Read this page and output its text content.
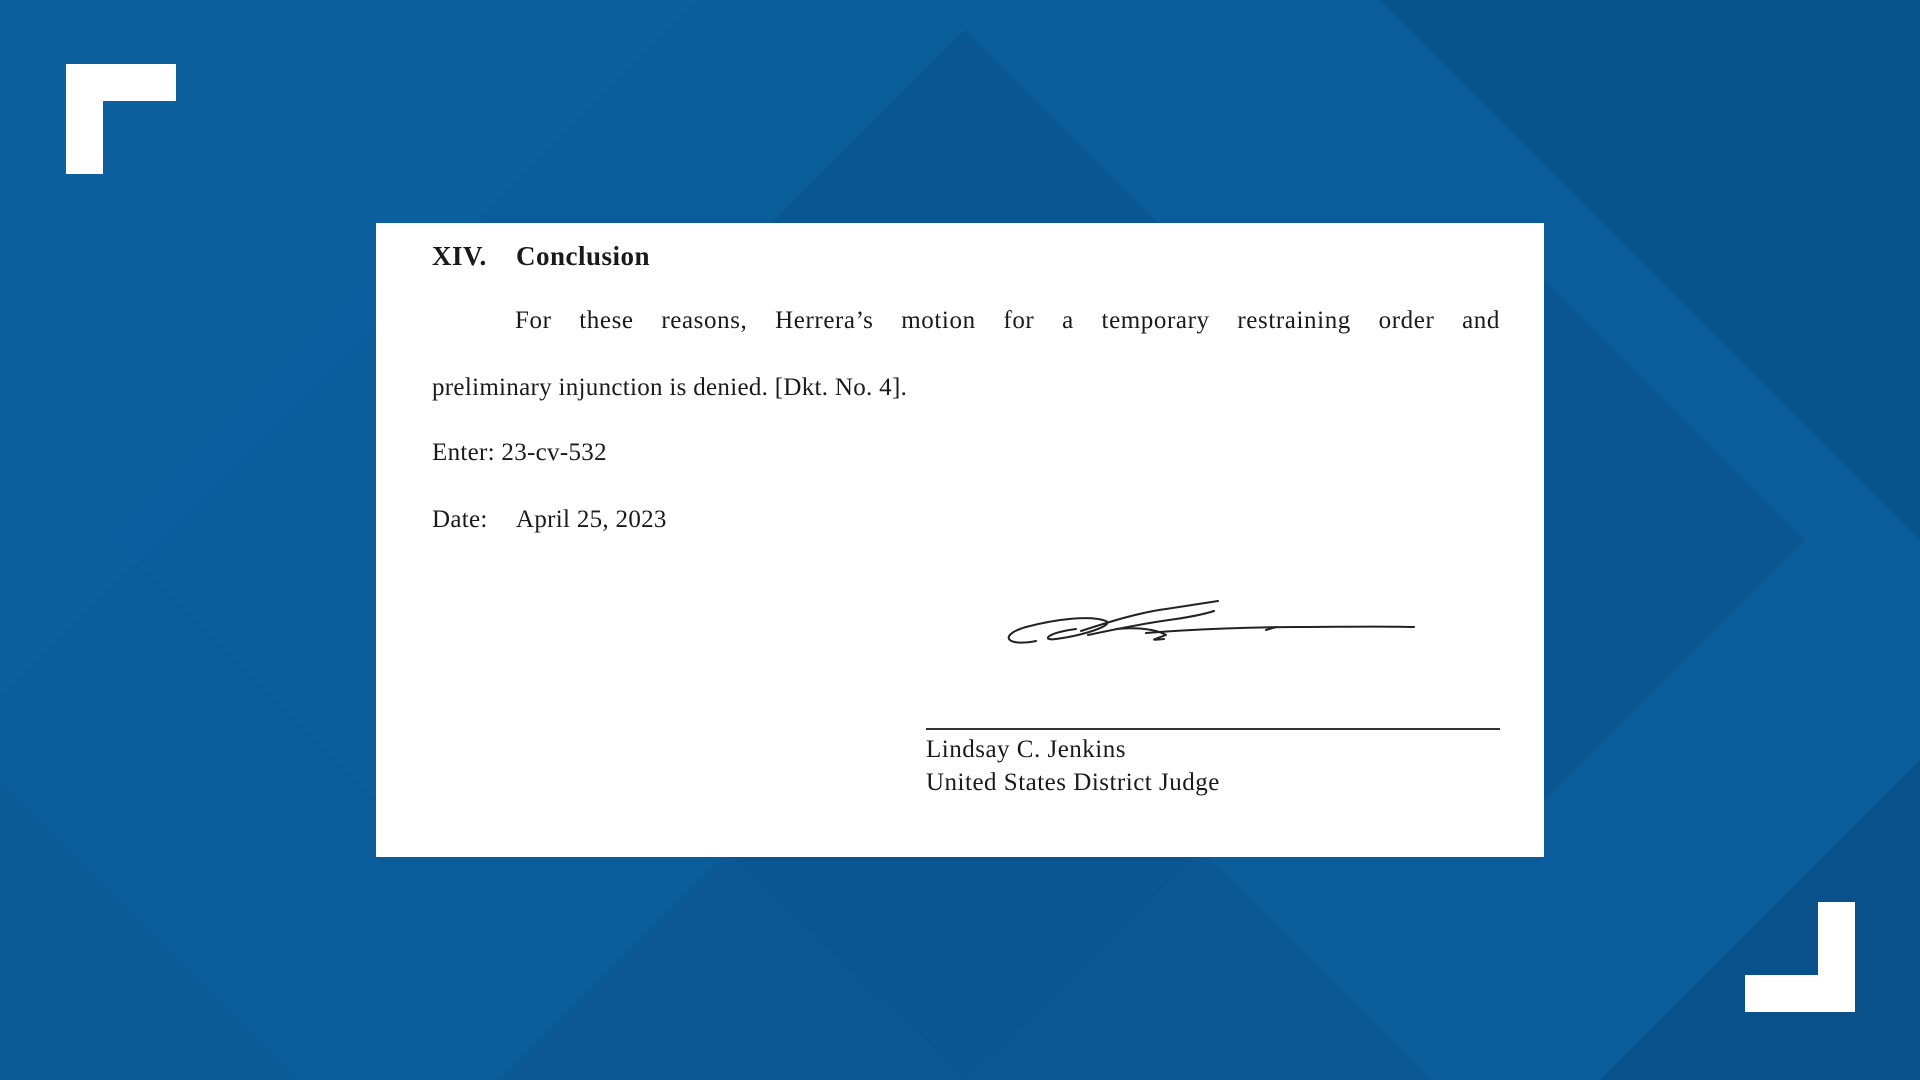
XIV. Conclusion
For these reasons, Herrera’s motion for a temporary restraining order and
preliminary injunction is denied. [Dkt. No. 4].
Enter: 23-cv-532
Date: April 25, 2023
Lindsay C. Jenkins
United States District Judge
